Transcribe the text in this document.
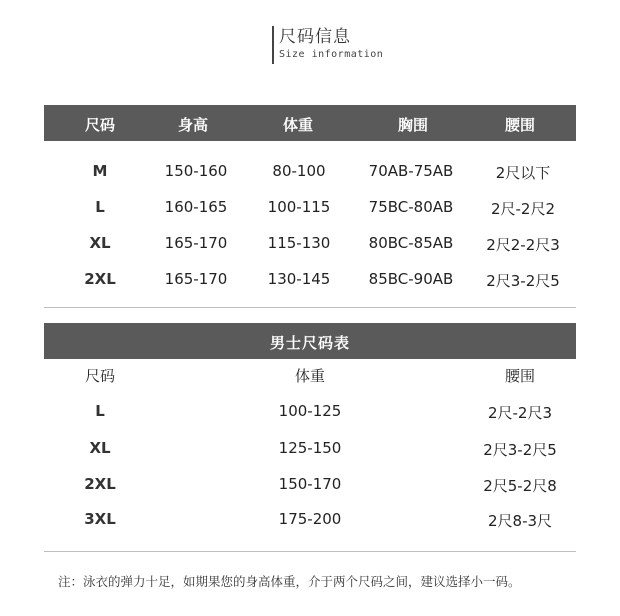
尺码信息
Size information
尺码	身高	体重	胸围	腰围
M	150-160	80-100	70AB-75AB	2尺以下
L	160-165	100-115	75BC-80AB	2尺-2尺2
XL	165-170	115-130	80BC-85AB 2尺2-2尺3
2XL	165-170	130-145	85BC-90AB 2尺3-2尺5
男士尺码表
尺码	体重	腰围
L	100-125	2尺-2尺3
XL	125-150	2尺3-2尺5
2XL	150-170	2尺5-2尺8
3XL	175-200	2尺8-3尺
注：泳衣的弹力十足，如期果您的身高体重，介于两个尺码之间，建议选择小一码。
